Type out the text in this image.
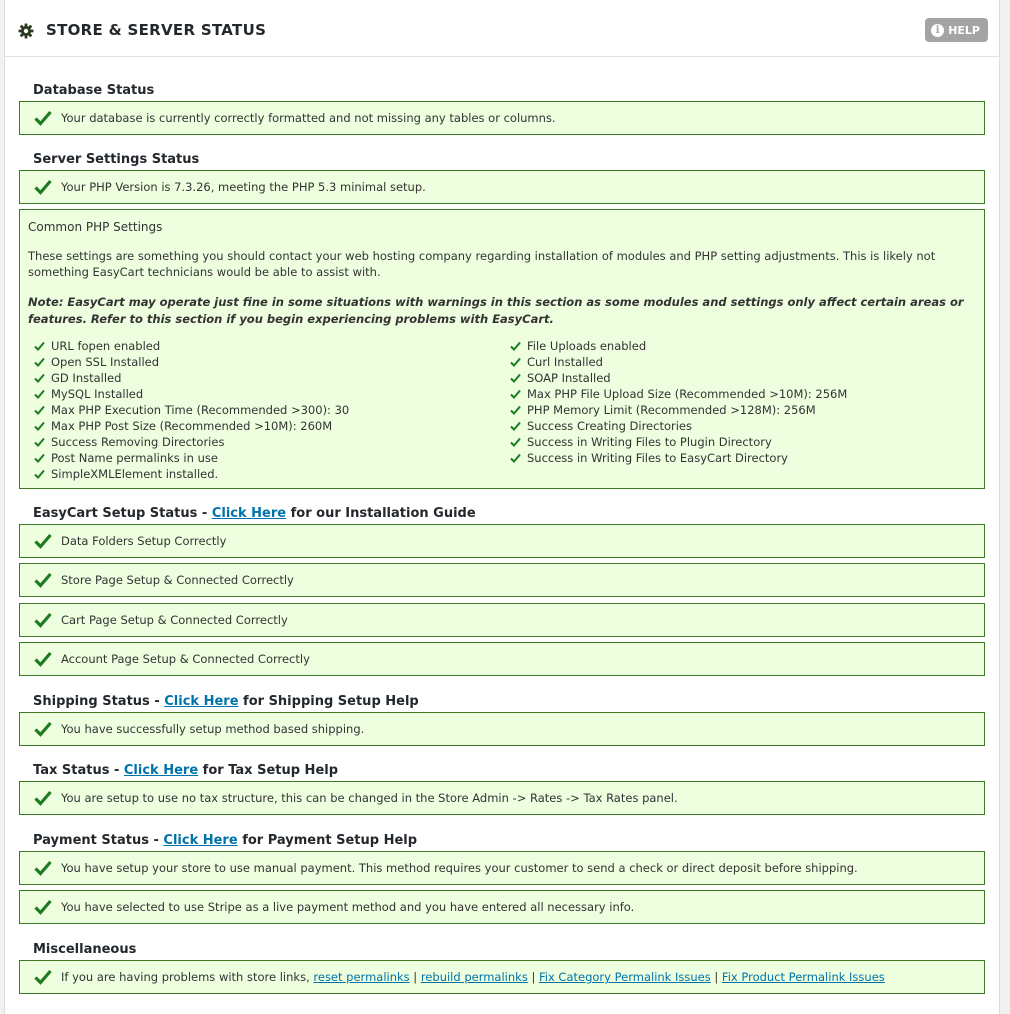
STORE & SERVER STATUS	i HELP
Database Status
Your database is currently correctly formatted and not missing any tables or columns.
Server Settings Status
Your PHP Version is 7.3.26, meeting the PHP 5.3 minimal setup.
Common PHP Settings
These settings are something you should contact your web hosting company regarding installation of modules and PHP setting adjustments. This is likely not something EasyCart technicians would be able to assist with.
Note: EasyCart may operate just fine in some situations with warnings in this section as some modules and settings only affect certain areas or features. Refer to this section if you begin experiencing problems with EasyCart.
URL fopen enabled
Open SSL Installed
GD Installed
MySQL Installed
Max PHP Execution Time (Recommended >300): 30
Max PHP Post Size (Recommended >10M): 260M
Success Removing Directories
Post Name permalinks in use
SimpleXMLElement installed.
File Uploads enabled
Curl Installed
SOAP Installed
Max PHP File Upload Size (Recommended >10M): 256M
PHP Memory Limit (Recommended >128M): 256M
Success Creating Directories
Success in Writing Files to Plugin Directory
Success in Writing Files to EasyCart Directory
EasyCart Setup Status - Click Here for our Installation Guide
Data Folders Setup Correctly
Store Page Setup & Connected Correctly
Cart Page Setup & Connected Correctly
Account Page Setup & Connected Correctly
Shipping Status - Click Here for Shipping Setup Help
You have successfully setup method based shipping.
Tax Status - Click Here for Tax Setup Help
You are setup to use no tax structure, this can be changed in the Store Admin -> Rates -> Tax Rates panel.
Payment Status - Click Here for Payment Setup Help
You have setup your store to use manual payment. This method requires your customer to send a check or direct deposit before shipping.
You have selected to use Stripe as a live payment method and you have entered all necessary info.
Miscellaneous
If you are having problems with store links, reset permalinks | rebuild permalinks | Fix Category Permalink Issues | Fix Product Permalink Issues
